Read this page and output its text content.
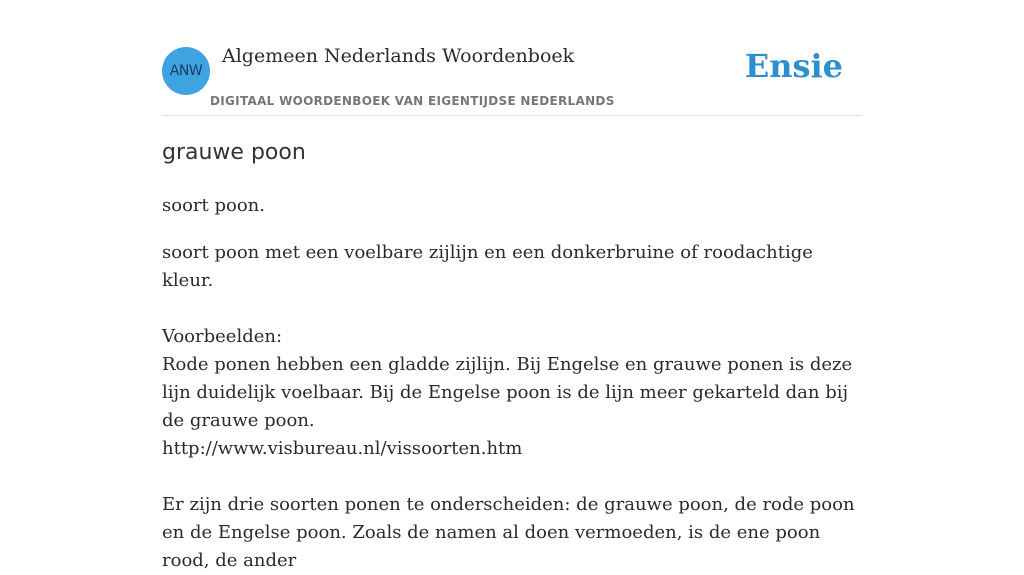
ANW
Algemeen Nederlands Woordenboek
DIGITAAL WOORDENBOEK VAN EIGENTIJDSE NEDERLANDS
Ensie
grauwe poon

soort poon.

soort poon met een voelbare zijlijn en een donkerbruine of roodachtige kleur.

Voorbeelden:

Rode ponen hebben een gladde zijlijn. Bij Engelse en grauwe ponen is deze lijn duidelijk voelbaar. Bij de Engelse poon is de lijn meer gekarteld dan bij de grauwe poon.

http://www.visbureau.nl/vissoorten.htm

Er zijn drie soorten ponen te onderscheiden: de grauwe poon, de rode poon en de Engelse poon. Zoals de namen al doen vermoeden, is de ene poon rood, de ander
